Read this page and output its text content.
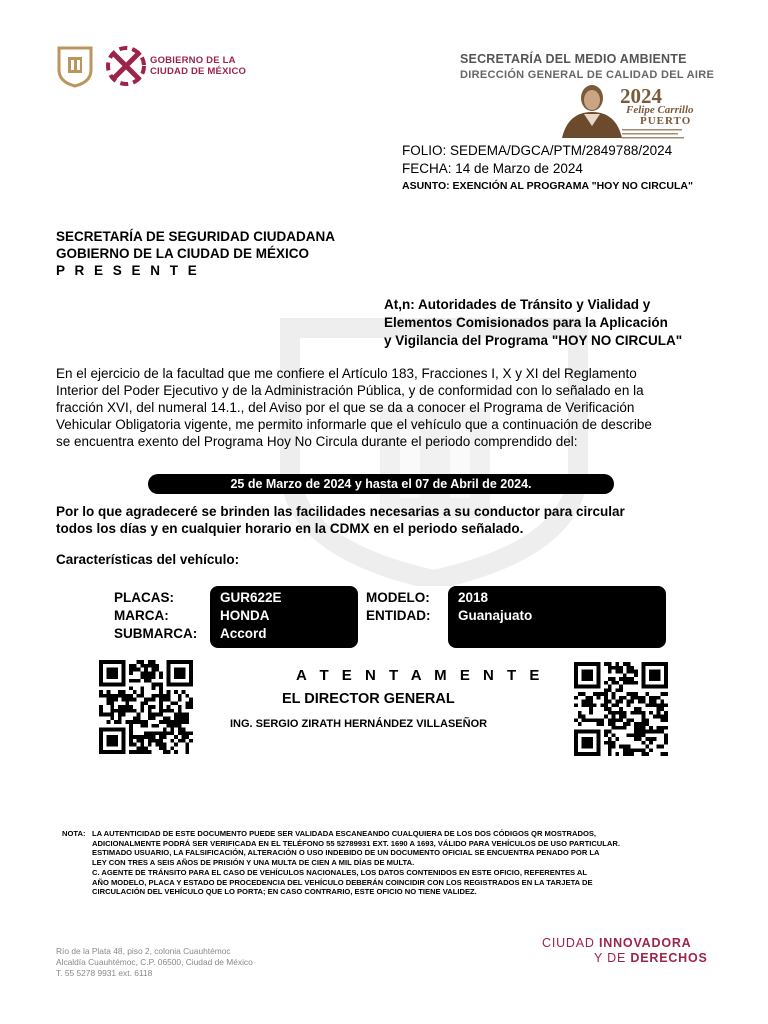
GOBIERNO DE LA
CIUDAD DE MÉXICO
SECRETARÍA DEL MEDIO AMBIENTE
DIRECCIÓN GENERAL DE CALIDAD DEL AIRE
2024
Felipe Carrillo
PUERTO
FOLIO: SEDEMA/DGCA/PTM/2849788/2024
FECHA: 14 de Marzo de 2024
ASUNTO: EXENCIÓN AL PROGRAMA "HOY NO CIRCULA"
SECRETARÍA DE SEGURIDAD CIUDADANA
GOBIERNO DE LA CIUDAD DE MÉXICO
P R E S E N T E
At,n: Autoridades de Tránsito y Vialidad y
Elementos Comisionados para la Aplicación
y Vigilancia del Programa "HOY NO CIRCULA"
En el ejercicio de la facultad que me confiere el Artículo 183, Fracciones I, X y XI del Reglamento
Interior del Poder Ejecutivo y de la Administración Pública, y de conformidad con lo señalado en la
fracción XVI, del numeral 14.1., del Aviso por el que se da a conocer el Programa de Verificación
Vehicular Obligatoria vigente, me permito informarle que el vehículo que a continuación de describe
se encuentra exento del Programa Hoy No Circula durante el periodo comprendido del:
25 de Marzo de 2024 y hasta el 07 de Abril de 2024.
Por lo que agradeceré se brinden las facilidades necesarias a su conductor para circular
todos los días y en cualquier horario en la CDMX en el periodo señalado.
Características del vehículo:
PLACAS:
MARCA:
SUBMARCA:
GUR622E
HONDA
Accord
MODELO:
ENTIDAD:
2018
Guanajuato
A T E N T A M E N T E
EL DIRECTOR GENERAL
ING. SERGIO ZIRATH HERNÁNDEZ VILLASEÑOR
NOTA: LA AUTENTICIDAD DE ESTE DOCUMENTO PUEDE SER VALIDADA ESCANEANDO CUALQUIERA DE LOS DOS CÓDIGOS QR MOSTRADOS,
ADICIONALMENTE PODRÁ SER VERIFICADA EN EL TELÉFONO 55 52789931 EXT. 1690 A 1693, VÁLIDO PARA VEHÍCULOS DE USO PARTICULAR.
ESTIMADO USUARIO, LA FALSIFICACIÓN, ALTERACIÓN O USO INDEBIDO DE UN DOCUMENTO OFICIAL SE ENCUENTRA PENADO POR LA
LEY CON TRES A SEIS AÑOS DE PRISIÓN Y UNA MULTA DE CIEN A MIL DÍAS DE MULTA.
C. AGENTE DE TRÁNSITO PARA EL CASO DE VEHÍCULOS NACIONALES, LOS DATOS CONTENIDOS EN ESTE OFICIO, REFERENTES AL
AÑO MODELO, PLACA Y ESTADO DE PROCEDENCIA DEL VEHÍCULO DEBERÁN COINCIDIR CON LOS REGISTRADOS EN LA TARJETA DE
CIRCULACIÓN DEL VEHÍCULO QUE LO PORTA; EN CASO CONTRARIO, ESTE OFICIO NO TIENE VALIDEZ.
Río de la Plata 48, piso 2, colonia Cuauhtémoc
Alcaldía Cuauhtémoc, C.P. 06500, Ciudad de México
T. 55 5278 9931 ext. 6118
CIUDAD INNOVADORA
Y DE DERECHOS
